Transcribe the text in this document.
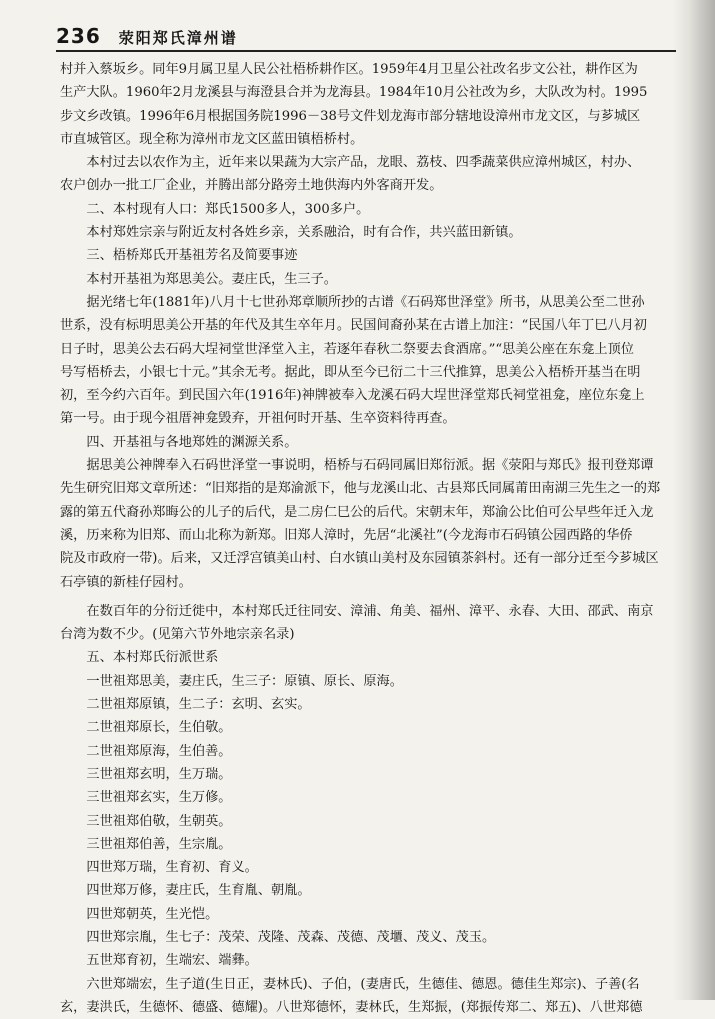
236 荥阳郑氏漳州谱

村并入蔡坂乡。同年9月属卫星人民公社梧桥耕作区。1959年4月卫星公社改名步文公社，耕作区为

生产大队。1960年2月龙溪县与海澄县合并为龙海县。1984年10月公社改为乡，大队改为村。1995

步文乡改镇。1996年6月根据国务院1996－38号文件划龙海市部分辖地设漳州市龙文区，与芗城区

市直城管区。现全称为漳州市龙文区蓝田镇梧桥村。

本村过去以农作为主，近年来以果蔬为大宗产品，龙眼、荔枝、四季蔬菜供应漳州城区，村办、

农户创办一批工厂企业，并腾出部分路旁土地供海内外客商开发。

二、本村现有人口：郑氏1500多人，300多户。

本村郑姓宗亲与附近友村各姓乡亲，关系融洽，时有合作，共兴蓝田新镇。

三、梧桥郑氏开基祖芳名及简要事迹

本村开基祖为郑思美公。妻庄氏，生三子。

据光绪七年(1881年)八月十七世孙郑章顺所抄的古谱《石码郑世泽堂》所书，从思美公至二世孙

世系，没有标明思美公开基的年代及其生卒年月。民国间裔孙某在古谱上加注：“民国八年丁巳八月初

日子时，思美公去石码大埕祠堂世泽堂入主，若逐年春秋二祭要去食酒席。”“思美公座在东龛上顶位

号写梧桥去，小银七十元。”其余无考。据此，即从至今已衍二十三代推算，思美公入梧桥开基当在明

初，至今约六百年。到民国六年(1916年)神牌被奉入龙溪石码大埕世泽堂郑氏祠堂祖龛，座位东龛上

第一号。由于现今祖厝神龛毁弃，开祖何时开基、生卒资料待再查。

四、开基祖与各地郑姓的渊源关系。

据思美公神牌奉入石码世泽堂一事说明，梧桥与石码同属旧郑衍派。据《荥阳与郑氏》报刊登郑谭

先生研究旧郑文章所述：“旧郑指的是郑渝派下，他与龙溪山北、古县郑氏同属莆田南湖三先生之一的郑

露的第五代裔孙郑晦公的儿子的后代，是二房仁巳公的后代。宋朝末年，郑渝公比伯可公早些年迁入龙

溪，历来称为旧郑、而山北称为新郑。旧郑人漳时，先居“北溪社”(今龙海市石码镇公园西路的华侨

院及市政府一带)。后来，又迁浮宫镇美山村、白水镇山美村及东园镇茶斜村。还有一部分迁至今芗城区

石亭镇的新桂仔园村。

在数百年的分衍迁徙中，本村郑氏迁往同安、漳浦、角美、福州、漳平、永春、大田、邵武、南京

台湾为数不少。(见第六节外地宗亲名录)

五、本村郑氏衍派世系

一世祖郑思美，妻庄氏，生三子：原镇、原长、原海。

二世祖郑原镇，生二子：玄明、玄实。

二世祖郑原长，生伯敬。

二世祖郑原海，生伯善。

三世祖郑玄明，生万瑞。

三世祖郑玄实，生万修。

三世祖郑伯敬，生朝英。

三世祖郑伯善，生宗胤。

四世郑万瑞，生育初、育义。

四世郑万修，妻庄氏，生育胤、朝胤。

四世郑朝英，生光恺。

四世郑宗胤，生七子：茂荣、茂隆、茂森、茂德、茂㙺、茂义、茂玉。

五世郑育初，生端宏、端彝。

六世郑端宏，生子道(生日正，妻林氏)、子伯，(妻唐氏，生德佳、德恩。德佳生郑宗)、子善(名

玄，妻洪氏，生德怀、德盛、德耀)。八世郑德怀，妻林氏，生郑振，(郑振传郑二、郑五)、八世郑德
